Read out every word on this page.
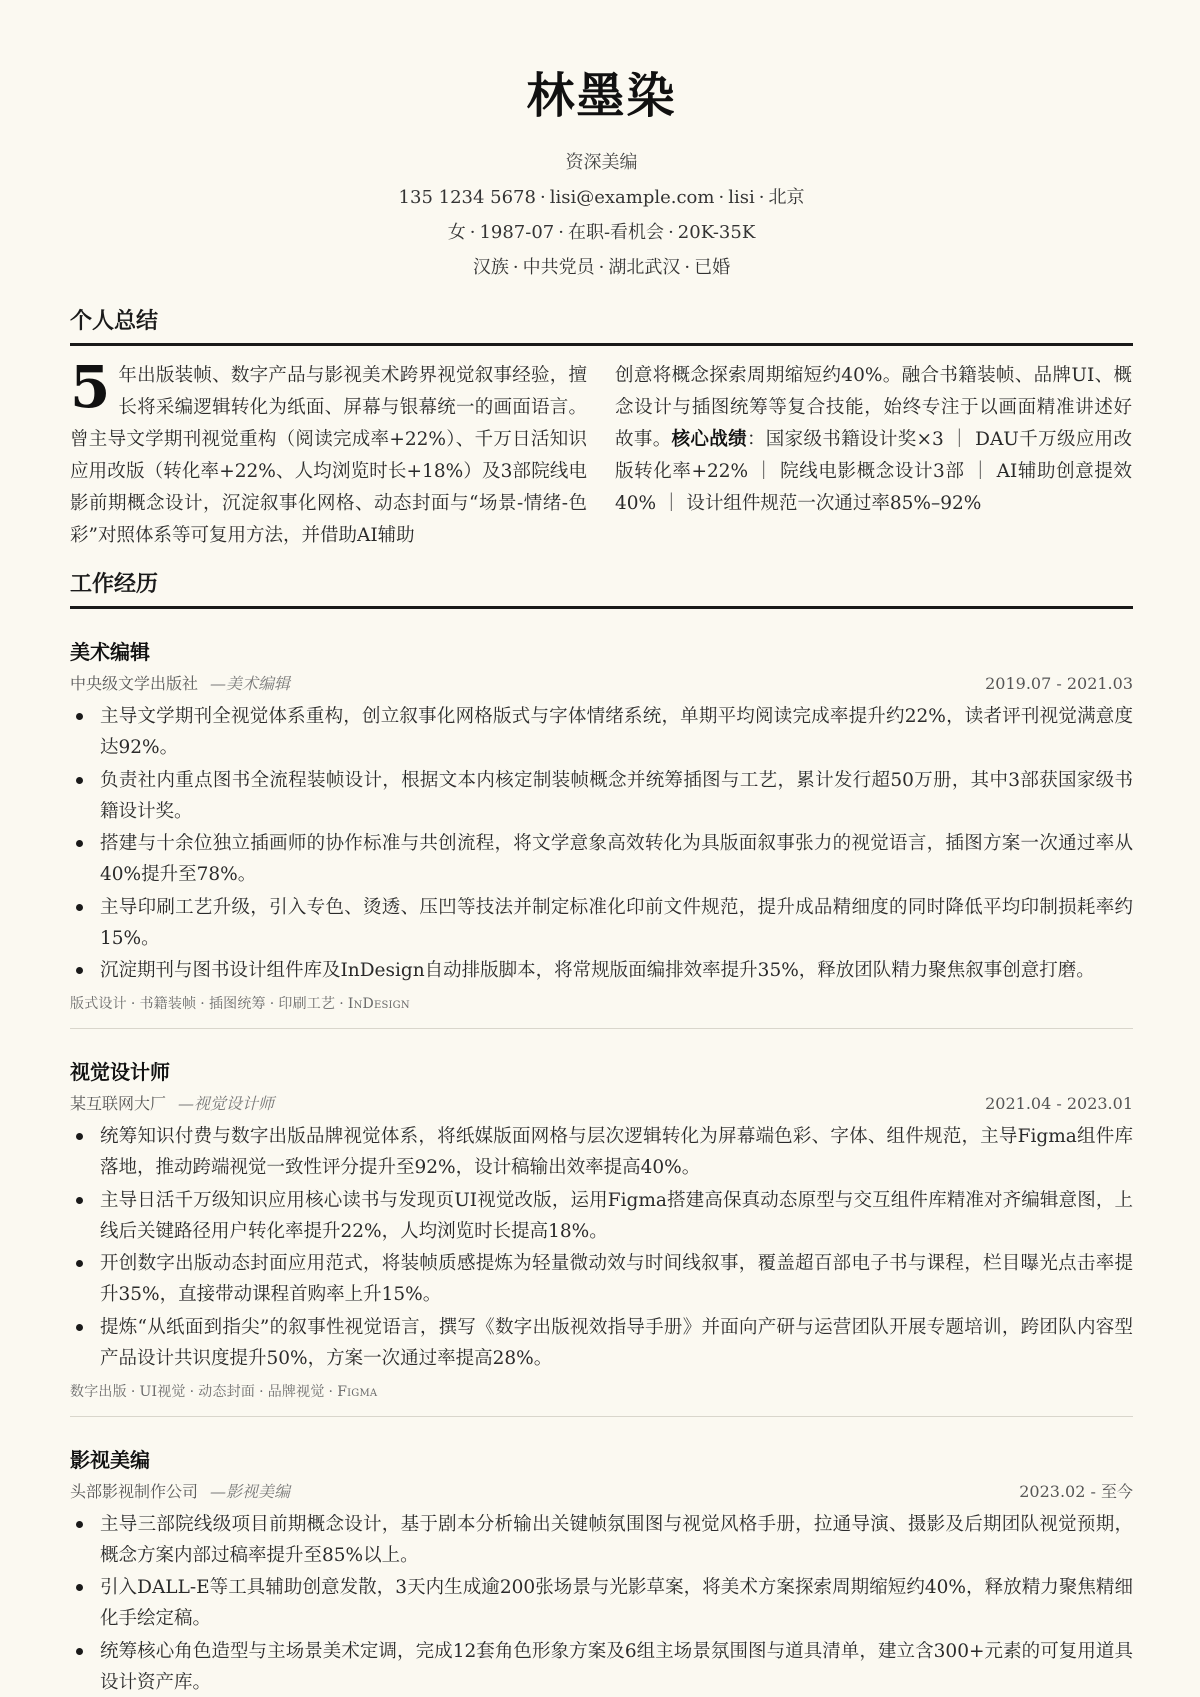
林墨染
资深美编
135 1234 5678 · lisi@example.com · lisi · 北京
女 · 1987-07 · 在职-看机会 · 20K-35K
汉族 · 中共党员 · 湖北武汉 · 已婚
个人总结
5 年出版装帧、数字产品与影视美术跨界视觉叙事经验，擅长将采编逻辑转化为纸面、屏幕与银幕统一的画面语言。曾主导文学期刊视觉重构（阅读完成率+22%）、千万日活知识应用改版（转化率+22%、人均浏览时长+18%）及3部院线电影前期概念设计，沉淀叙事化网格、动态封面与“场景-情绪-色彩”对照体系等可复用方法，并借助AI辅助
创意将概念探索周期缩短约40%。融合书籍装帧、品牌UI、概念设计与插图统筹等复合技能，始终专注于以画面精准讲述好故事。核心战绩：国家级书籍设计奖×3 ｜ DAU千万级应用改版转化率+22% ｜ 院线电影概念设计3部 ｜ AI辅助创意提效40% ｜ 设计组件规范一次通过率85%–92%
工作经历
美术编辑
中央级文学出版社 —美术编辑	2019.07 - 2021.03
主导文学期刊全视觉体系重构，创立叙事化网格版式与字体情绪系统，单期平均阅读完成率提升约22%，读者评刊视觉满意度达92%。
负责社内重点图书全流程装帧设计，根据文本内核定制装帧概念并统筹插图与工艺，累计发行超50万册，其中3部获国家级书籍设计奖。
搭建与十余位独立插画师的协作标准与共创流程，将文学意象高效转化为具版面叙事张力的视觉语言，插图方案一次通过率从40%提升至78%。
主导印刷工艺升级，引入专色、烫透、压凹等技法并制定标准化印前文件规范，提升成品精细度的同时降低平均印制损耗率约15%。
沉淀期刊与图书设计组件库及InDesign自动排版脚本，将常规版面编排效率提升35%，释放团队精力聚焦叙事创意打磨。
版式设计 · 书籍装帧 · 插图统筹 · 印刷工艺 · InDesign
视觉设计师
某互联网大厂 —视觉设计师	2021.04 - 2023.01
统筹知识付费与数字出版品牌视觉体系，将纸媒版面网格与层次逻辑转化为屏幕端色彩、字体、组件规范，主导Figma组件库落地，推动跨端视觉一致性评分提升至92%，设计稿输出效率提高40%。
主导日活千万级知识应用核心读书与发现页UI视觉改版，运用Figma搭建高保真动态原型与交互组件库精准对齐编辑意图，上线后关键路径用户转化率提升22%，人均浏览时长提高18%。
开创数字出版动态封面应用范式，将装帧质感提炼为轻量微动效与时间线叙事，覆盖超百部电子书与课程，栏目曝光点击率提升35%，直接带动课程首购率上升15%。
提炼“从纸面到指尖”的叙事性视觉语言，撰写《数字出版视效指导手册》并面向产研与运营团队开展专题培训，跨团队内容型产品设计共识度提升50%，方案一次通过率提高28%。
数字出版 · UI视觉 · 动态封面 · 品牌视觉 · Figma
影视美编
头部影视制作公司 —影视美编	2023.02 - 至今
主导三部院线级项目前期概念设计，基于剧本分析输出关键帧氛围图与视觉风格手册，拉通导演、摄影及后期团队视觉预期，概念方案内部过稿率提升至85%以上。
引入DALL-E等工具辅助创意发散，3天内生成逾200张场景与光影草案，将美术方案探索周期缩短约40%，释放精力聚焦精细化手绘定稿。
统筹核心角色造型与主场景美术定调，完成12套角色形象方案及6组主场景氛围图与道具清单，建立含300+元素的可复用道具设计资产库。
